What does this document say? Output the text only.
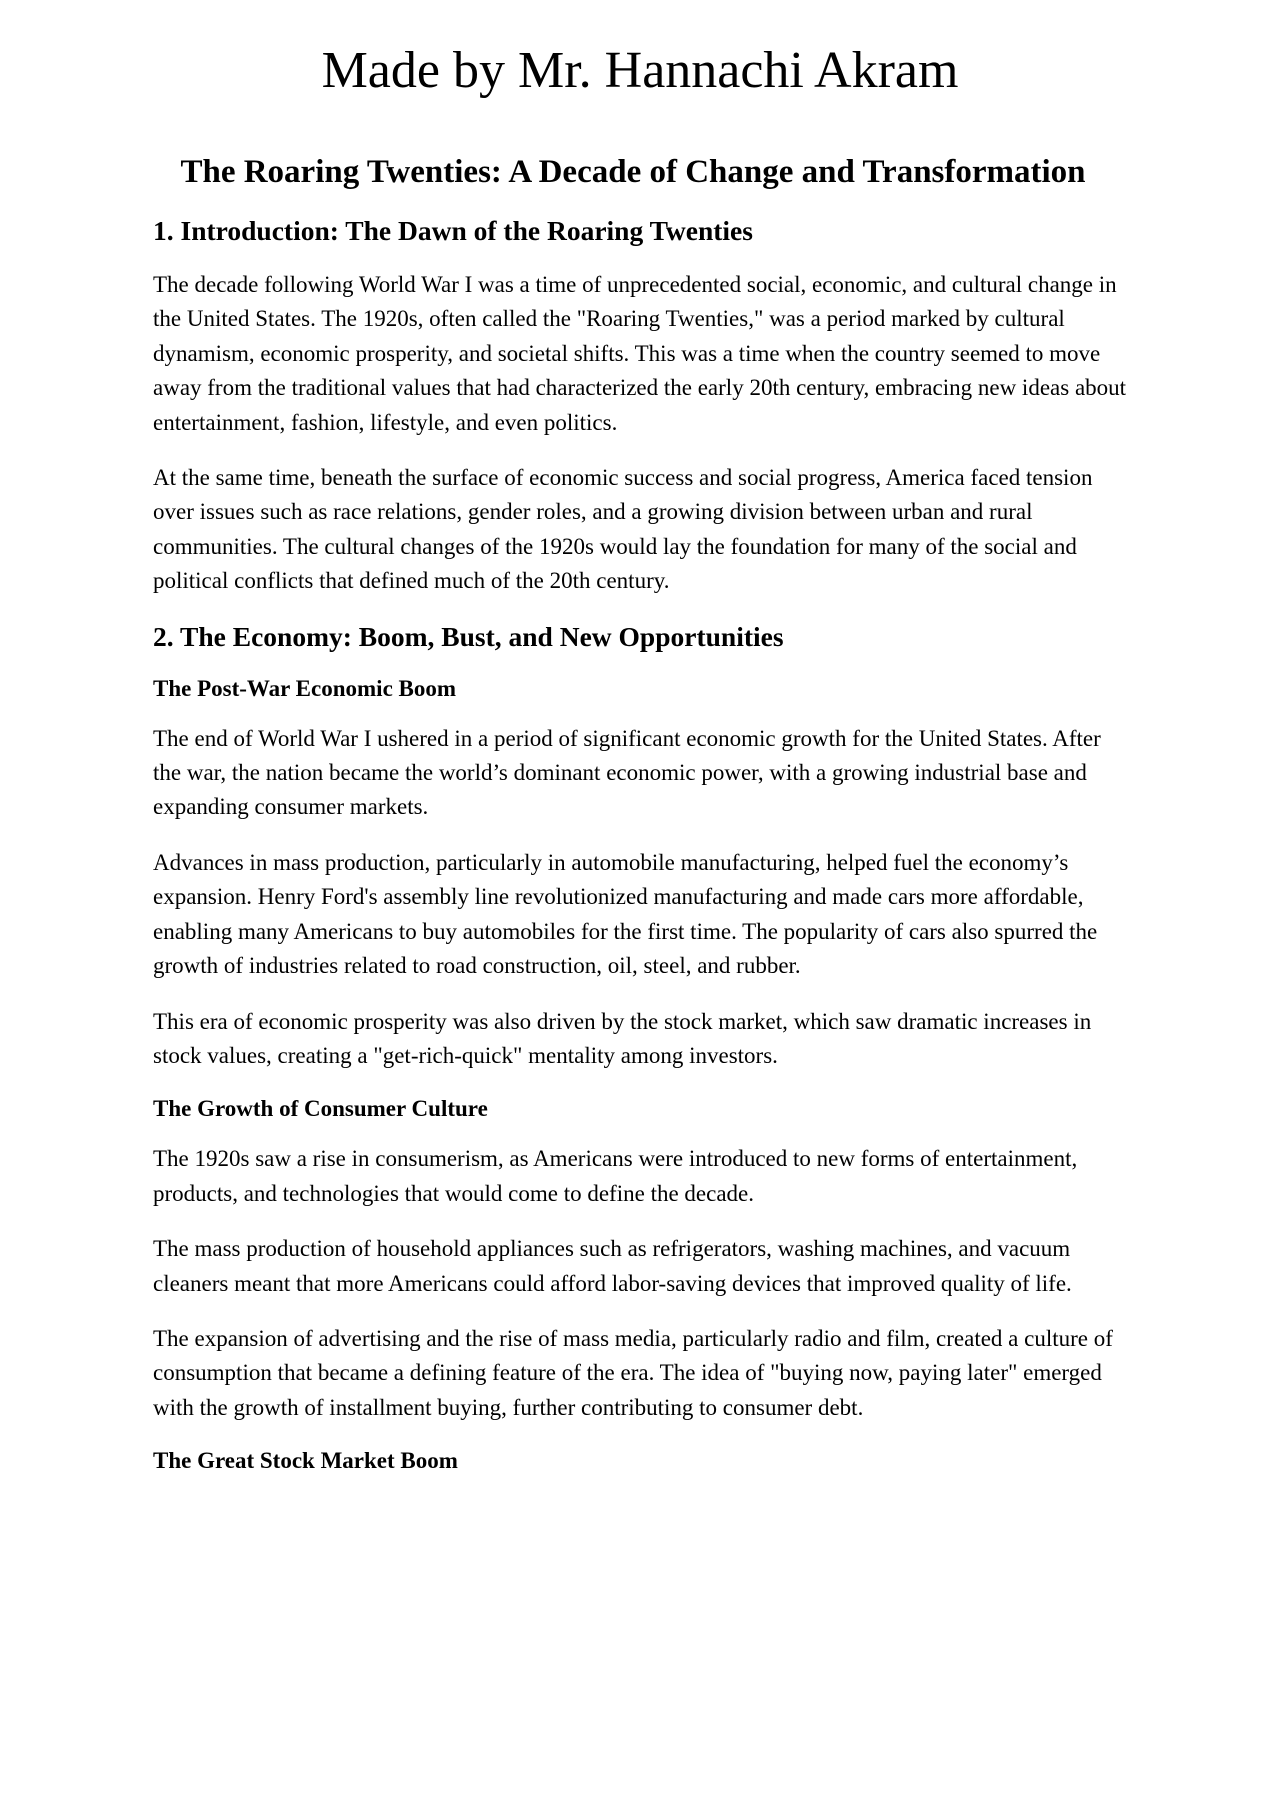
Made by Mr. Hannachi Akram
The Roaring Twenties: A Decade of Change and Transformation
1. Introduction: The Dawn of the Roaring Twenties

The decade following World War I was a time of unprecedented social, economic, and cultural change in the United States. The 1920s, often called the "Roaring Twenties," was a period marked by cultural dynamism, economic prosperity, and societal shifts. This was a time when the country seemed to move away from the traditional values that had characterized the early 20th century, embracing new ideas about entertainment, fashion, lifestyle, and even politics.

At the same time, beneath the surface of economic success and social progress, America faced tension over issues such as race relations, gender roles, and a growing division between urban and rural communities. The cultural changes of the 1920s would lay the foundation for many of the social and political conflicts that defined much of the 20th century.

2. The Economy: Boom, Bust, and New Opportunities
The Post-War Economic Boom

The end of World War I ushered in a period of significant economic growth for the United States. After the war, the nation became the world’s dominant economic power, with a growing industrial base and expanding consumer markets.

Advances in mass production, particularly in automobile manufacturing, helped fuel the economy’s expansion. Henry Ford's assembly line revolutionized manufacturing and made cars more affordable, enabling many Americans to buy automobiles for the first time. The popularity of cars also spurred the growth of industries related to road construction, oil, steel, and rubber.

This era of economic prosperity was also driven by the stock market, which saw dramatic increases in stock values, creating a "get-rich-quick" mentality among investors.

The Growth of Consumer Culture

The 1920s saw a rise in consumerism, as Americans were introduced to new forms of entertainment, products, and technologies that would come to define the decade.

The mass production of household appliances such as refrigerators, washing machines, and vacuum cleaners meant that more Americans could afford labor-saving devices that improved quality of life.

The expansion of advertising and the rise of mass media, particularly radio and film, created a culture of consumption that became a defining feature of the era. The idea of "buying now, paying later" emerged with the growth of installment buying, further contributing to consumer debt.

The Great Stock Market Boom
